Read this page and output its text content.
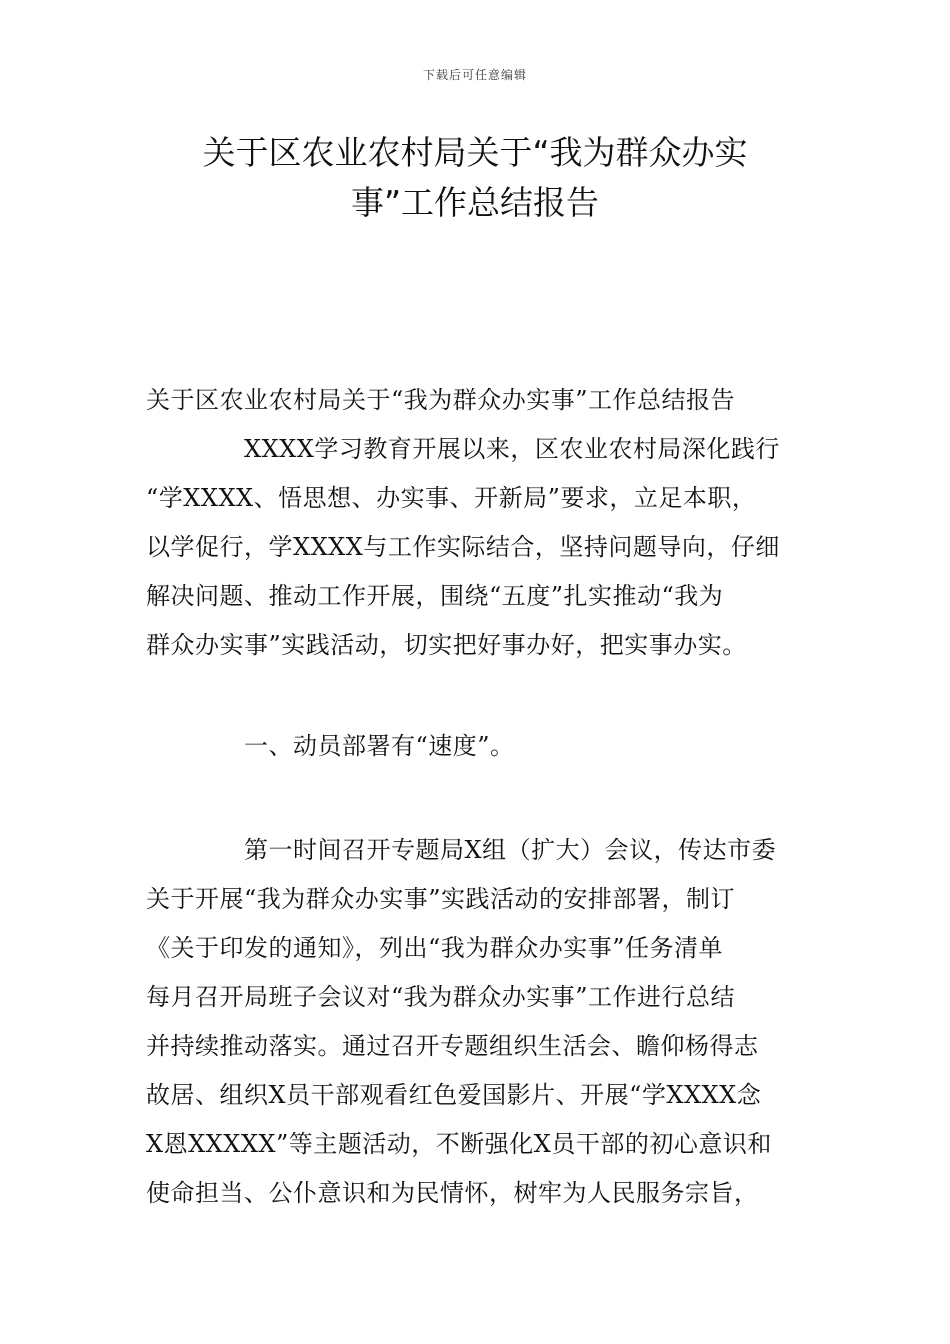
下载后可任意编辑
关于区农业农村局关于“我为群众办实
事”工作总结报告
关于区农业农村局关于“我为群众办实事”工作总结报告
　　　　XXXX学习教育开展以来，区农业农村局深化践行
“学XXXX、悟思想、办实事、开新局”要求，立足本职，
以学促行，学XXXX与工作实际结合，坚持问题导向，仔细
解决问题、推动工作开展，围绕“五度”扎实推动“我为
群众办实事”实践活动，切实把好事办好，把实事办实。
　　　　一、动员部署有“速度”。
　　　　第一时间召开专题局X组（扩大）会议，传达市委
关于开展“我为群众办实事”实践活动的安排部署，制订
《关于印发的通知》，列出“我为群众办实事”任务清单
每月召开局班子会议对“我为群众办实事”工作进行总结
并持续推动落实。通过召开专题组织生活会、瞻仰杨得志
故居、组织X员干部观看红色爱国影片、开展“学XXXX念
X恩XXXXX”等主题活动，不断强化X员干部的初心意识和
使命担当、公仆意识和为民情怀，树牢为人民服务宗旨，
